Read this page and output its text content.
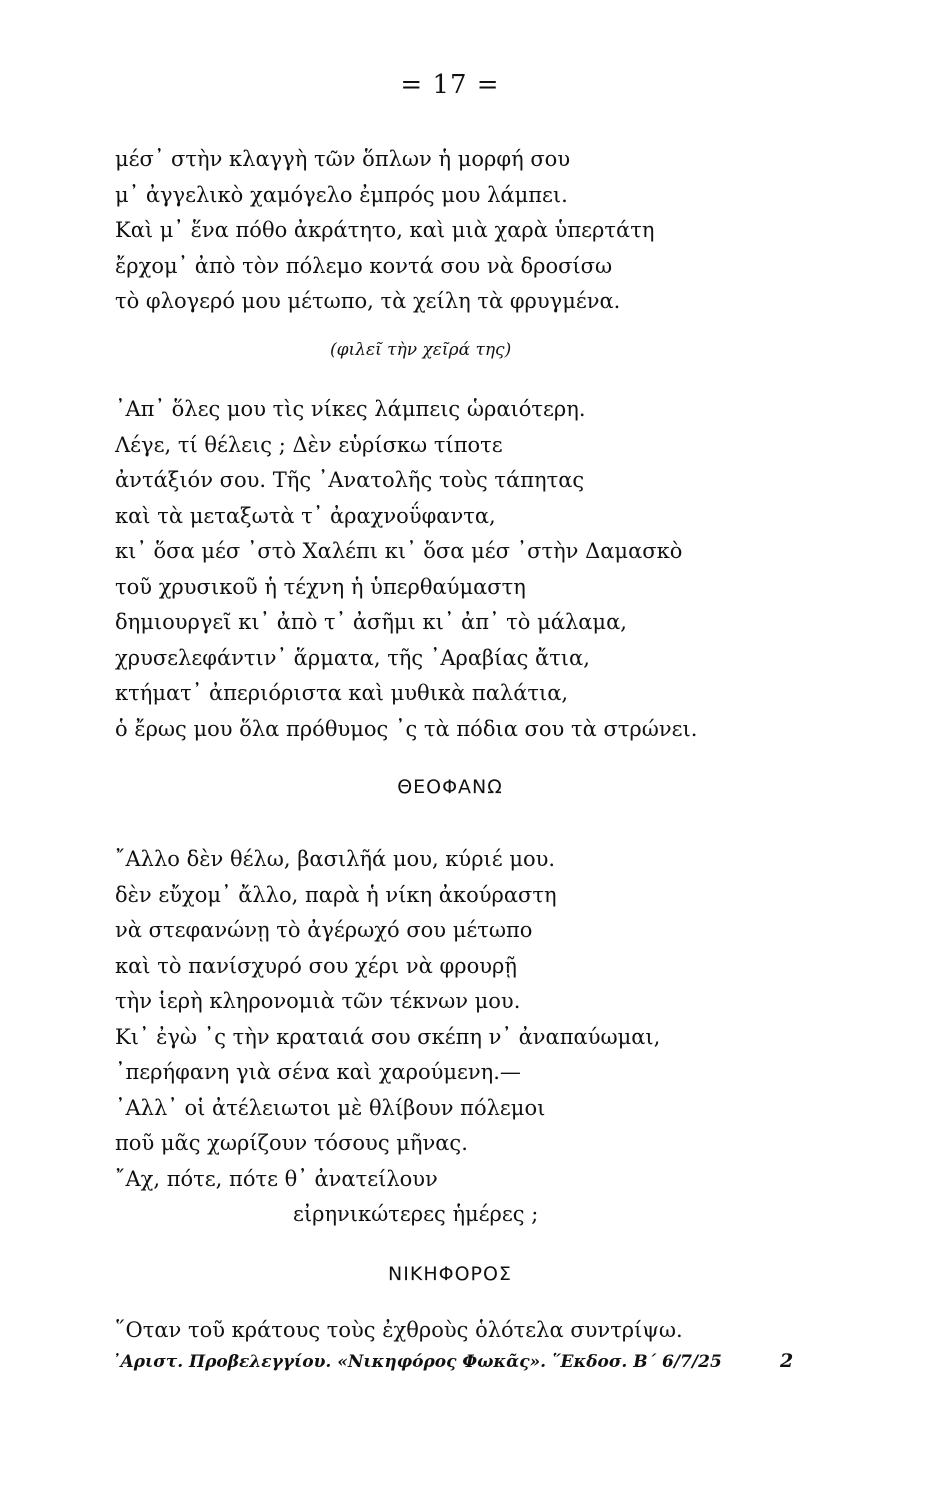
= 17 =
μέσ᾿ στὴν κλαγγὴ τῶν ὅπλων ἡ μορφή σου
μ᾿ ἀγγελικὸ χαμόγελο ἐμπρός μου λάμπει.
Καὶ μ᾿ ἕνα πόθο ἀκράτητο, καὶ μιὰ χαρὰ ὑπερτάτη
ἔρχομ᾿ ἀπὸ τὸν πόλεμο κοντά σου νὰ δροσίσω
τὸ φλογερό μου μέτωπο, τὰ χείλη τὰ φρυγμένα.
(φιλεῖ τὴν χεῖρά της)
᾿Απ᾿ ὅλες μου τὶς νίκες λάμπεις ὡραιότερη.
Λέγε, τί θέλεις ; Δὲν εὑρίσκω τίποτε
ἀντάξιόν σου. Τῆς ᾿Ανατολῆς τοὺς τάπητας
καὶ τὰ μεταξωτὰ τ᾿ ἀραχνοΰφαντα,
κι᾿ ὅσα μέσ ᾿στὸ Χαλέπι κι᾿ ὅσα μέσ ᾿στὴν Δαμασκὸ
τοῦ χρυσικοῦ ἡ τέχνη ἡ ὑπερθαύμαστη
δημιουργεῖ κι᾿ ἀπὸ τ᾿ ἀσῆμι κι᾿ ἀπ᾿ τὸ μάλαμα,
χρυσελεφάντιν᾿ ἅρματα, τῆς ᾿Αραβίας ἄτια,
κτήματ᾿ ἀπεριόριστα καὶ μυθικὰ παλάτια,
ὁ ἔρως μου ὅλα πρόθυμος ᾿ς τὰ πόδια σου τὰ στρώνει.
ΘΕΟΦΑΝΩ
῎Αλλο δὲν θέλω, βασιλῆά μου, κύριέ μου.
δὲν εὔχομ᾿ ἄλλο, παρὰ ἡ νίκη ἀκούραστη
νὰ στεφανώνῃ τὸ ἀγέρωχό σου μέτωπο
καὶ τὸ πανίσχυρό σου χέρι νὰ φρουρῇ
τὴν ἱερὴ κληρονομιὰ τῶν τέκνων μου.
Κι᾿ ἐγὼ ᾿ς τὴν κραταιά σου σκέπη ν᾿ ἀναπαύωμαι,
᾿περήφανη γιὰ σένα καὶ χαρούμενη.—
᾿Αλλ᾿ οἱ ἀτέλειωτοι μὲ θλίβουν πόλεμοι
ποῦ μᾶς χωρίζουν τόσους μῆνας.
῎Αχ, πότε, πότε θ᾿ ἀνατείλουν
εἰρηνικώτερες ἡμέρες ;
ΝΙΚΗΦΟΡΟΣ
῞Οταν τοῦ κράτους τοὺς ἐχθροὺς ὁλότελα συντρίψω.
᾿Αριστ. Προβελεγγίου. «Νικηφόρος Φωκᾶς». ῞Εκδοσ. Β΄ 6/7/25	2
